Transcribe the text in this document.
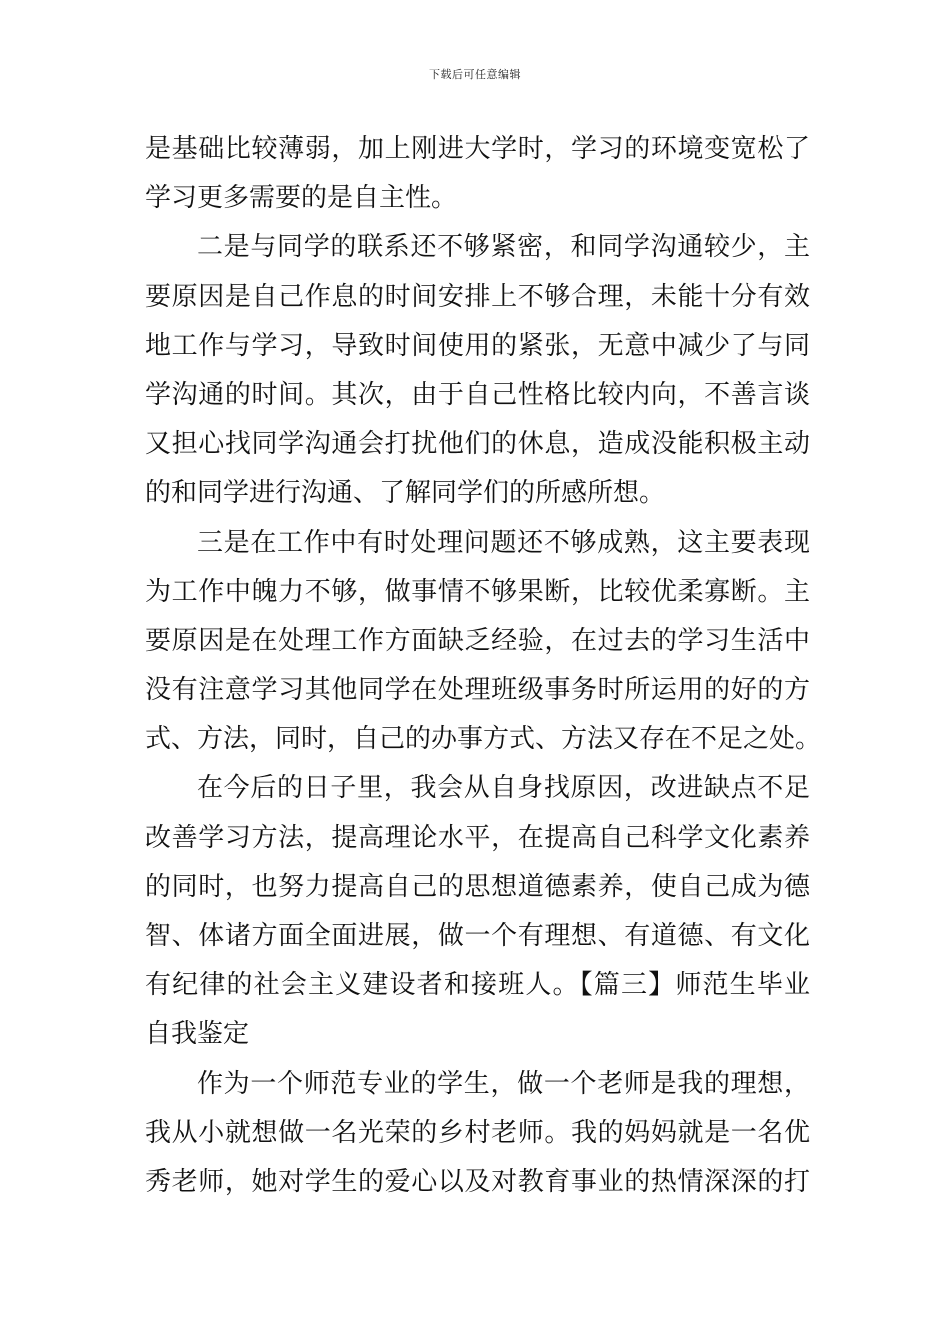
下载后可任意编辑
是基础比较薄弱，加上刚进大学时，学习的环境变宽松了
学习更多需要的是自主性。
二是与同学的联系还不够紧密，和同学沟通较少，主
要原因是自己作息的时间安排上不够合理，未能十分有效
地工作与学习，导致时间使用的紧张，无意中减少了与同
学沟通的时间。其次，由于自己性格比较内向，不善言谈
又担心找同学沟通会打扰他们的休息，造成没能积极主动
的和同学进行沟通、了解同学们的所感所想。
三是在工作中有时处理问题还不够成熟，这主要表现
为工作中魄力不够，做事情不够果断，比较优柔寡断。主
要原因是在处理工作方面缺乏经验，在过去的学习生活中
没有注意学习其他同学在处理班级事务时所运用的好的方
式、方法，同时，自己的办事方式、方法又存在不足之处。
在今后的日子里，我会从自身找原因，改进缺点不足
改善学习方法，提高理论水平，在提高自己科学文化素养
的同时，也努力提高自己的思想道德素养，使自己成为德
智、体诸方面全面进展，做一个有理想、有道德、有文化
有纪律的社会主义建设者和接班人。【篇三】师范生毕业
自我鉴定
作为一个师范专业的学生，做一个老师是我的理想，
我从小就想做一名光荣的乡村老师。我的妈妈就是一名优
秀老师，她对学生的爱心以及对教育事业的热情深深的打
